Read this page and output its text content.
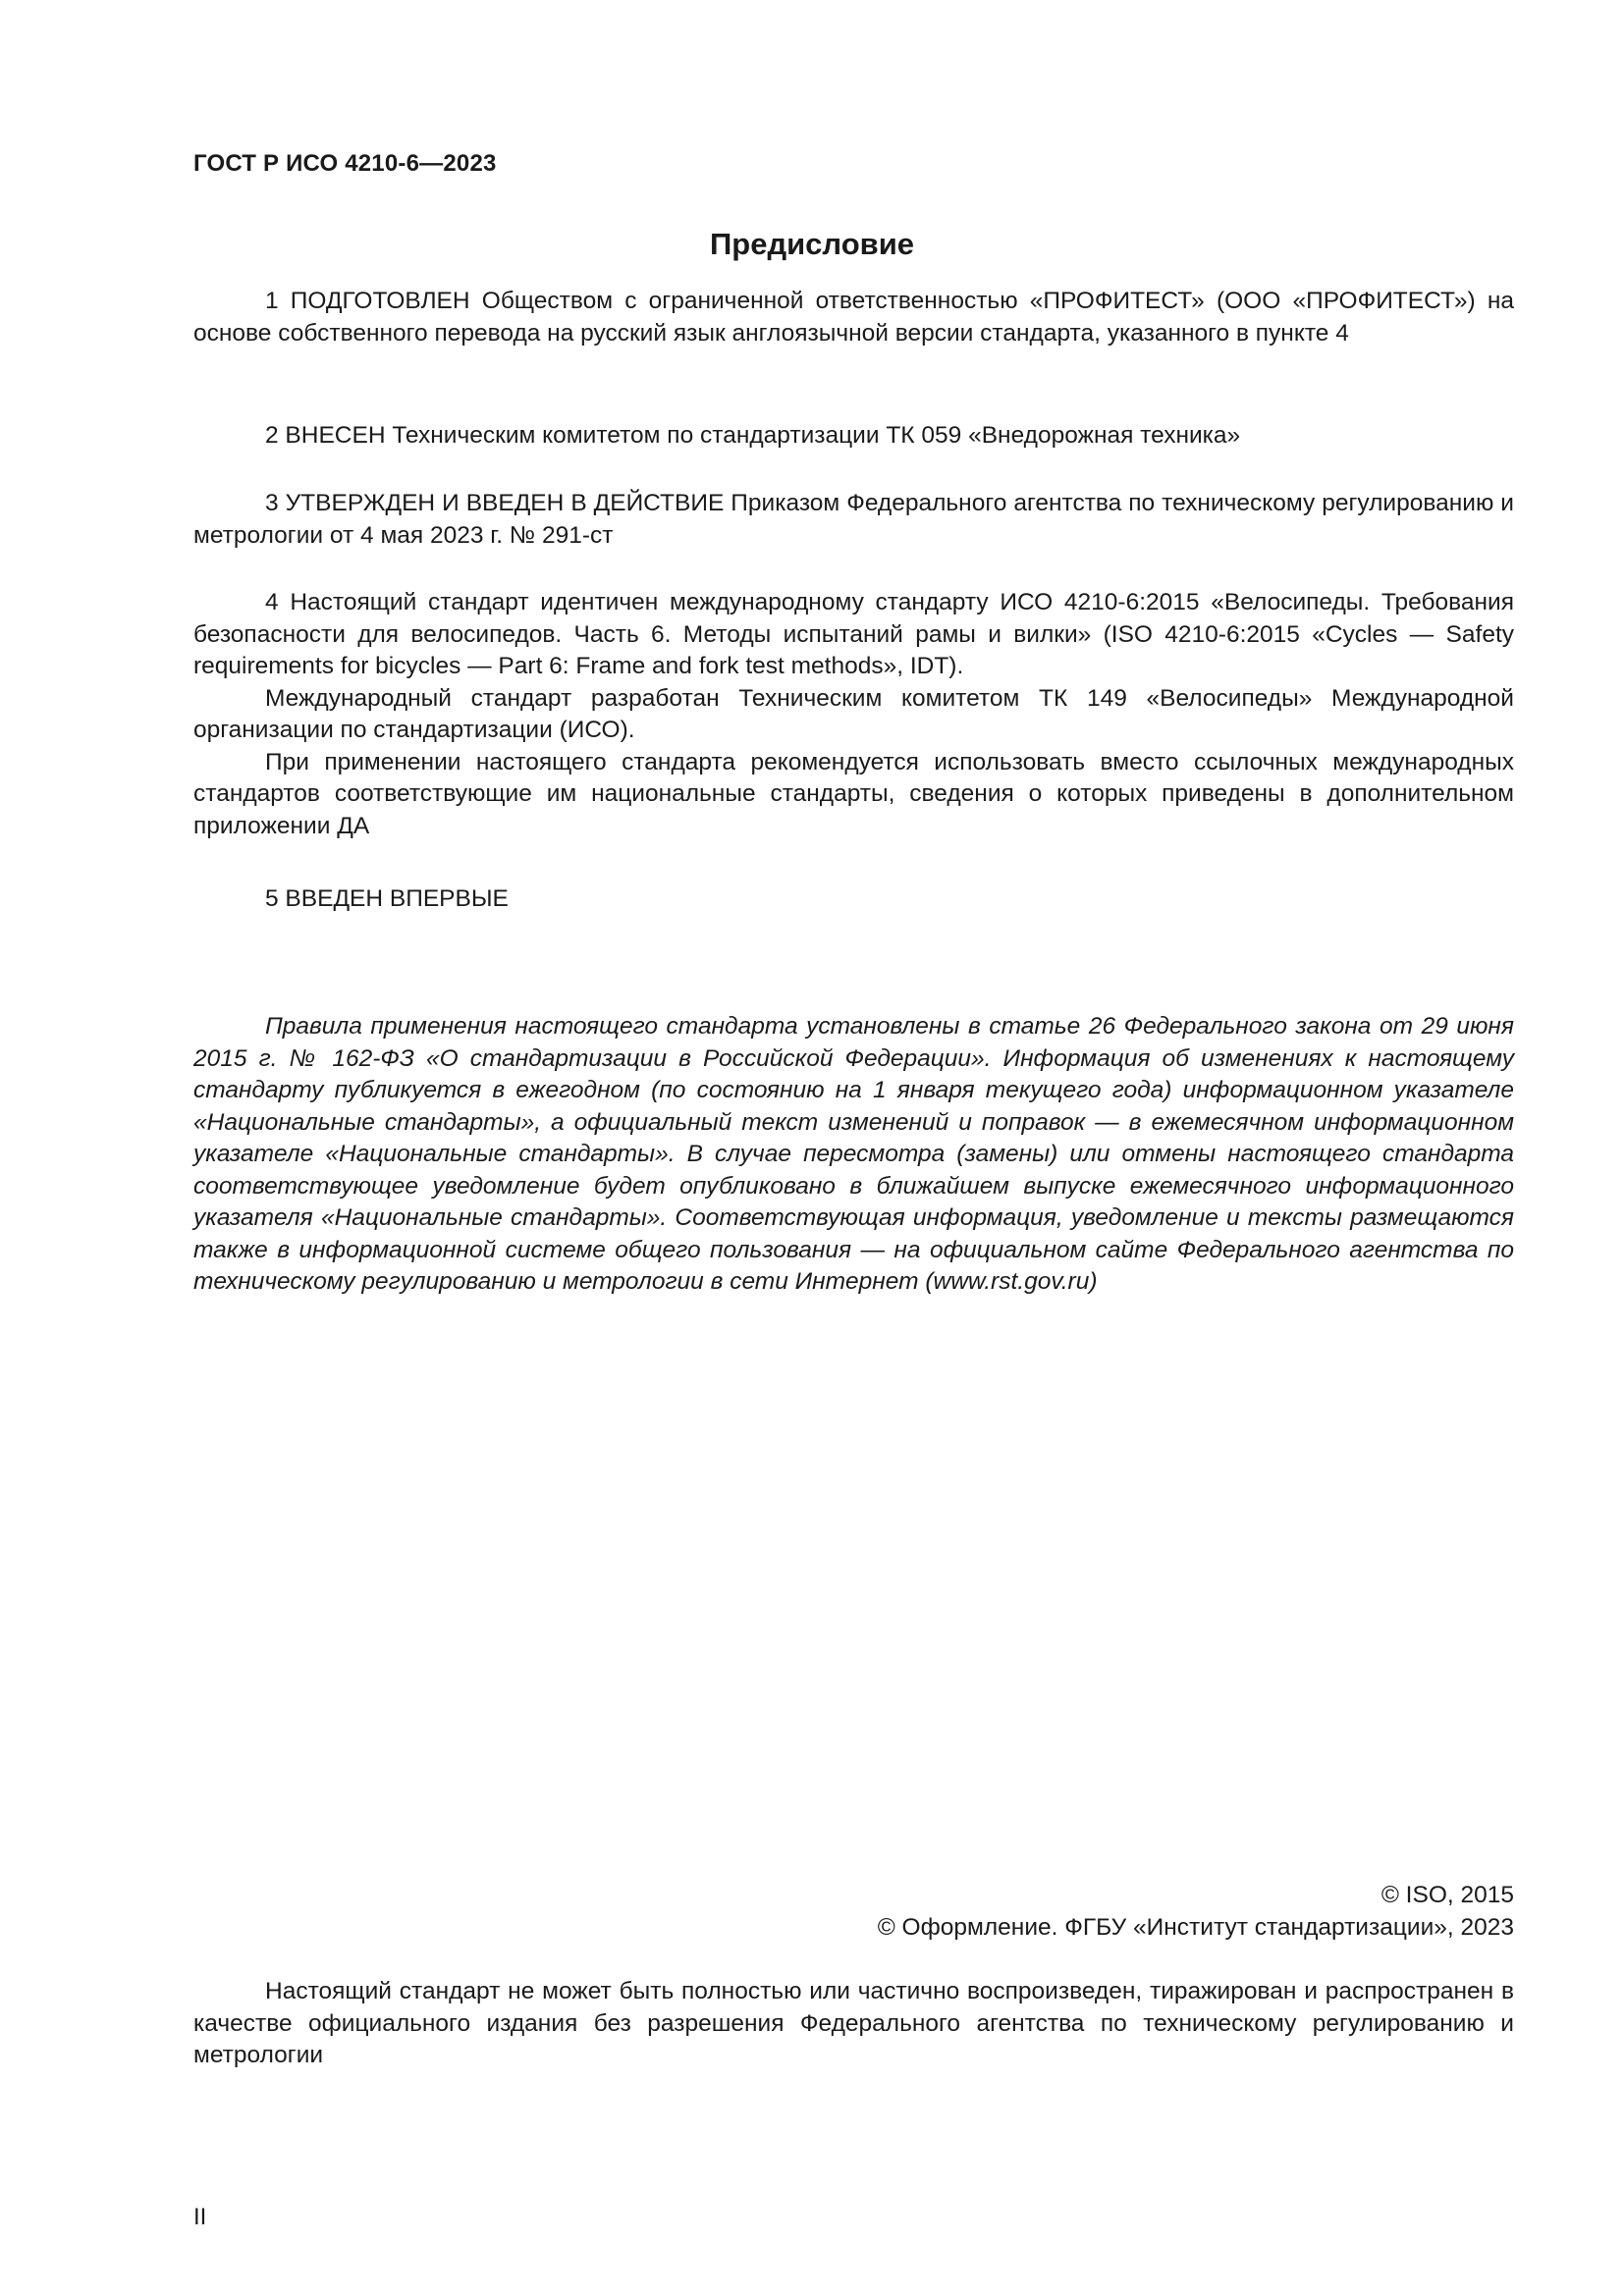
ГОСТ Р ИСО 4210-6—2023
Предисловие

1 ПОДГОТОВЛЕН Обществом с ограниченной ответственностью «ПРОФИТЕСТ» (ООО «ПРОФИТЕСТ») на основе собственного перевода на русский язык англоязычной версии стандарта, указанного в пункте 4

2 ВНЕСЕН Техническим комитетом по стандартизации ТК 059 «Внедорожная техника»

3 УТВЕРЖДЕН И ВВЕДЕН В ДЕЙСТВИЕ Приказом Федерального агентства по техническому регулированию и метрологии от 4 мая 2023 г. № 291-ст

4 Настоящий стандарт идентичен международному стандарту ИСО 4210-6:2015 «Велосипеды. Требования безопасности для велосипедов. Часть 6. Методы испытаний рамы и вилки» (ISO 4210-6:2015 «Cycles — Safety requirements for bicycles — Part 6: Frame and fork test methods», IDT).

Международный стандарт разработан Техническим комитетом ТК 149 «Велосипеды» Международной организации по стандартизации (ИСО).

При применении настоящего стандарта рекомендуется использовать вместо ссылочных международных стандартов соответствующие им национальные стандарты, сведения о которых приведены в дополнительном приложении ДА

5 ВВЕДЕН ВПЕРВЫЕ

Правила применения настоящего стандарта установлены в статье 26 Федерального закона от 29 июня 2015 г. № 162-ФЗ «О стандартизации в Российской Федерации». Информация об изменениях к настоящему стандарту публикуется в ежегодном (по состоянию на 1 января текущего года) информационном указателе «Национальные стандарты», а официальный текст изменений и поправок — в ежемесячном информационном указателе «Национальные стандарты». В случае пересмотра (замены) или отмены настоящего стандарта соответствующее уведомление будет опубликовано в ближайшем выпуске ежемесячного информационного указателя «Национальные стандарты». Соответствующая информация, уведомление и тексты размещаются также в информационной системе общего пользования — на официальном сайте Федерального агентства по техническому регулированию и метрологии в сети Интернет (www.rst.gov.ru)

© ISO, 2015
© Оформление. ФГБУ «Институт стандартизации», 2023

Настоящий стандарт не может быть полностью или частично воспроизведен, тиражирован и распространен в качестве официального издания без разрешения Федерального агентства по техническому регулированию и метрологии

II
